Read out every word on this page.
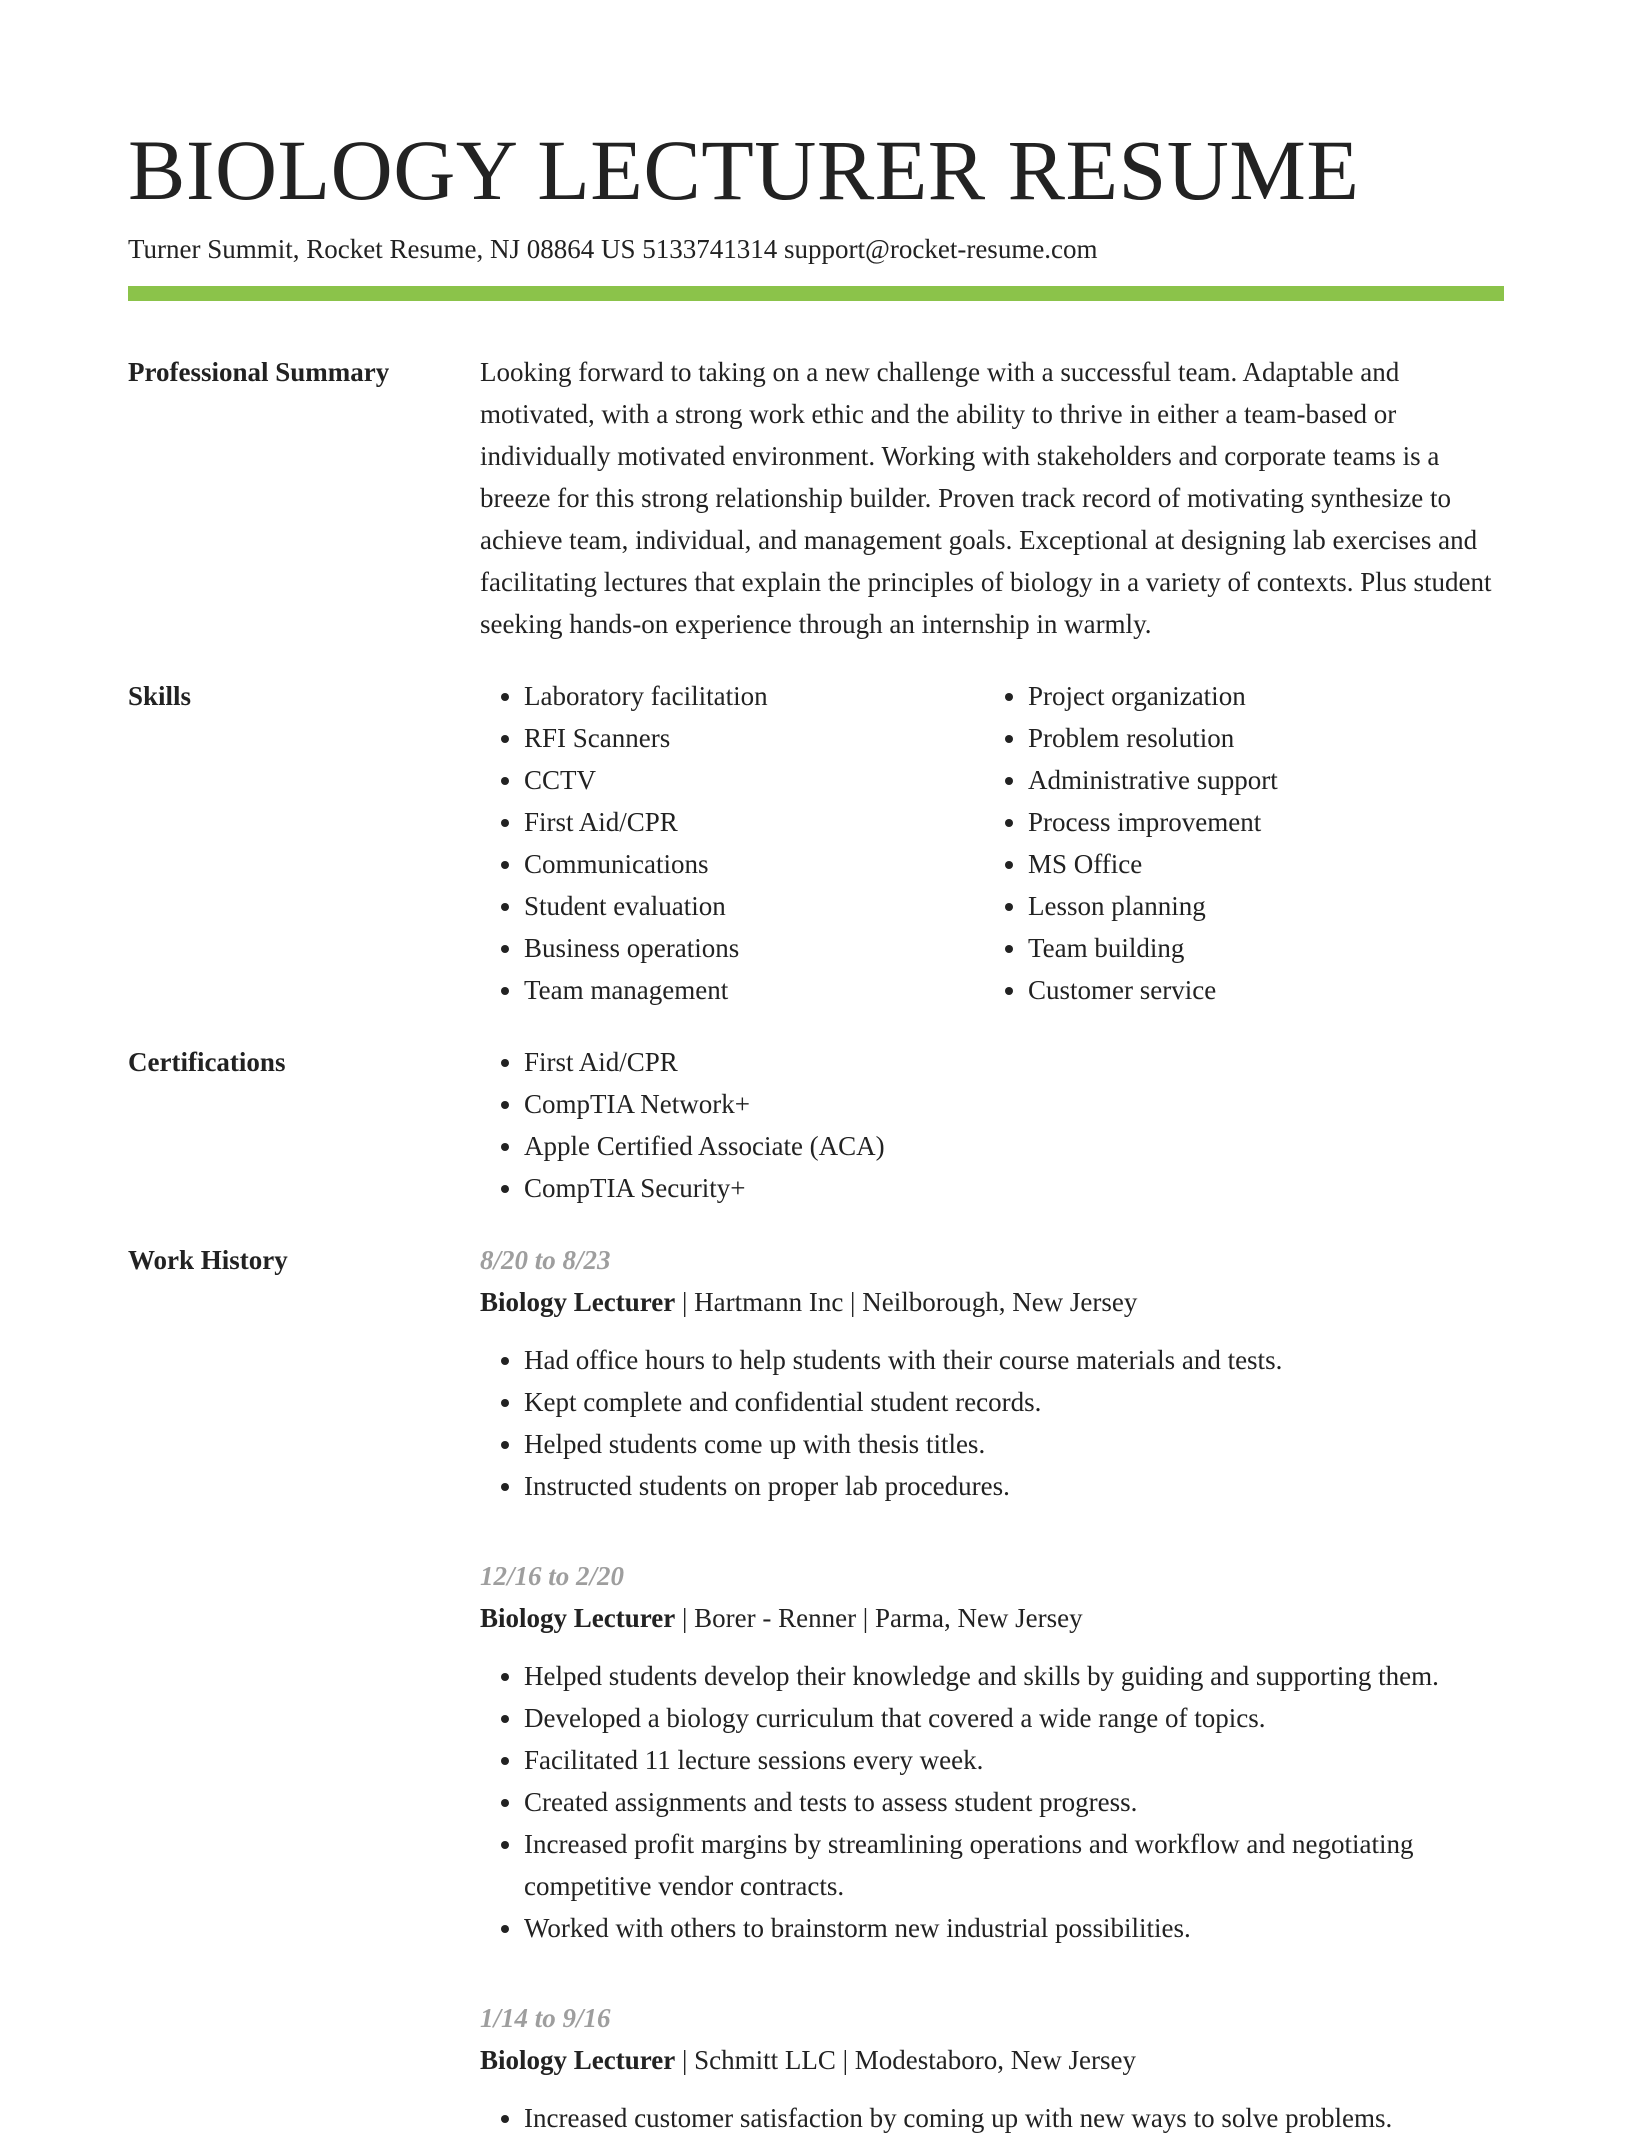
BIOLOGY LECTURER RESUME
Turner Summit, Rocket Resume, NJ 08864 US 5133741314 support@rocket-resume.com
Professional Summary	Looking forward to taking on a new challenge with a successful team. Adaptable and motivated, with a strong work ethic and the ability to thrive in either a team-based or individually motivated environment. Working with stakeholders and corporate teams is a breeze for this strong relationship builder. Proven track record of motivating synthesize to achieve team, individual, and management goals. Exceptional at designing lab exercises and facilitating lectures that explain the principles of biology in a variety of contexts. Plus student seeking hands-on experience through an internship in warmly.

Skills	• Laboratory facilitation
• RFI Scanners
• CCTV
• First Aid/CPR
• Communications
• Student evaluation
• Business operations
• Team management
• Project organization
• Problem resolution
• Administrative support
• Process improvement
• MS Office
• Lesson planning
• Team building
• Customer service
Certifications	• First Aid/CPR
• CompTIA Network+
• Apple Certified Associate (ACA)
• CompTIA Security+
Work History	8/20 to 8/23
Biology Lecturer | Hartmann Inc | Neilborough, New Jersey
• Had office hours to help students with their course materials and tests.
• Kept complete and confidential student records.
• Helped students come up with thesis titles.
• Instructed students on proper lab procedures.
12/16 to 2/20
Biology Lecturer | Borer - Renner | Parma, New Jersey
• Helped students develop their knowledge and skills by guiding and supporting them.
• Developed a biology curriculum that covered a wide range of topics.
• Facilitated 11 lecture sessions every week.
• Created assignments and tests to assess student progress.
• Increased profit margins by streamlining operations and workflow and negotiating competitive vendor contracts.
• Worked with others to brainstorm new industrial possibilities.
1/14 to 9/16
Biology Lecturer | Schmitt LLC | Modestaboro, New Jersey
• Increased customer satisfaction by coming up with new ways to solve problems.
